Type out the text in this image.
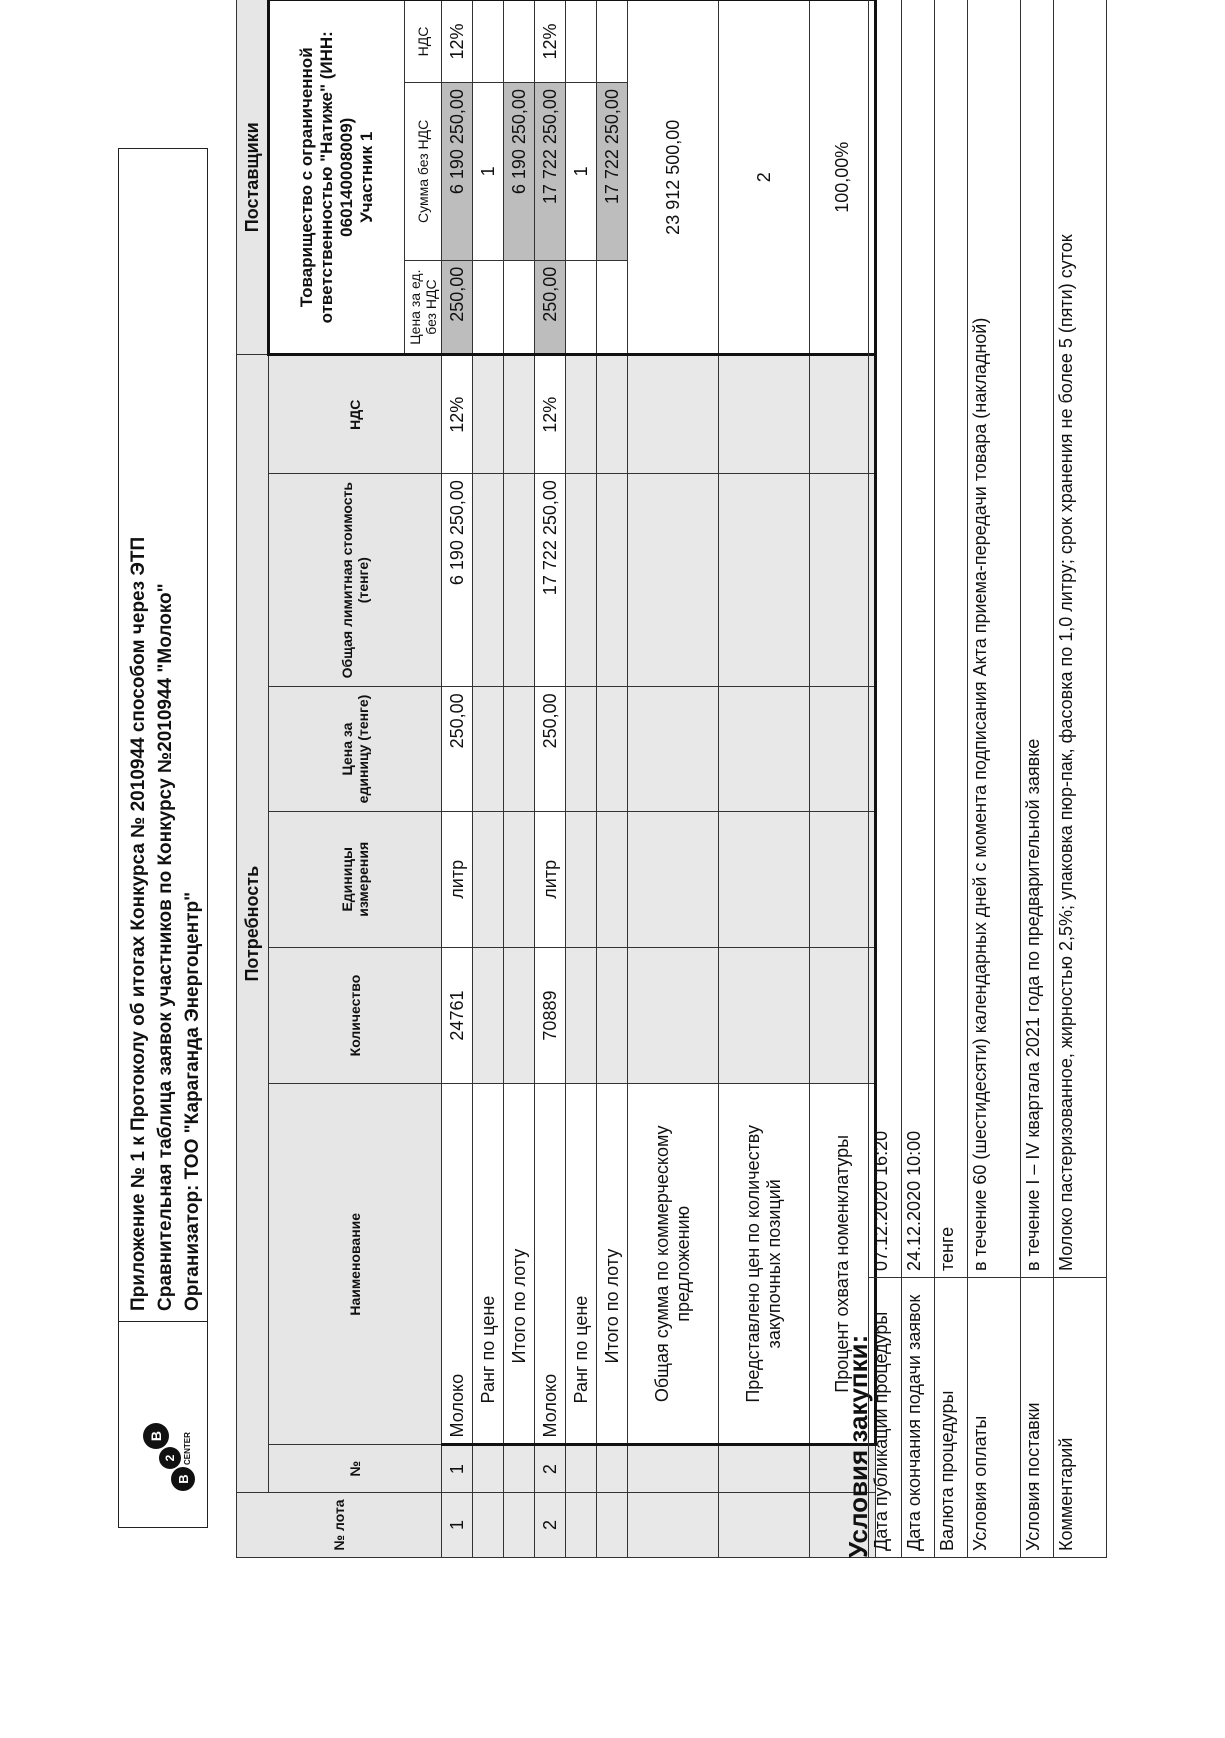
B
2
B	CENTER
Приложение № 1 к Протоколу об итогах Конкурса № 2010944 способом через ЭТП Сравнительная таблица заявок участников по Конкурсу №2010944 "Молоко" Организатор: ТОО "Караганда Энергоцентр"
№ лота	Потребность							Поставщики		
	№	Наименование	Количество	Единицы измерения	Цена за единицу (тенге)	Общая лимитная стоимость (тенге)	НДС	Товарищество с ограниченной ответственностью "Натиже" (ИНН: 060140008009) Участник 1		

								Цена за ед. без НДС	Сумма без НДС	НДС
1	1	Молоко	24761	литр	250,00	6 190 250,00	12%	250,00	6 190 250,00	12%
		Ранг по цене							1	
		Итого по лоту							6 190 250,00	
2	2	Молоко	70889	литр	250,00	17 722 250,00	12%	250,00	17 722 250,00	12%
		Ранг по цене							1	
		Итого по лоту							17 722 250,00	
		Общая сумма по коммерческому предложению						23 912 500,00		
		Представлено цен по количеству закупочных позиций						2		
		Процент охвата номенклатуры						100,00%		
Условия закупки:
Дата публикации процедуры	07.12.2020 16:20
Дата окончания подачи заявок	24.12.2020 10:00
Валюта процедуры	тенге
Условия оплаты	в течение 60 (шестидесяти) календарных дней с момента подписания Акта приема-передачи товара (накладной)
Условия поставки	в течение I – IV квартала 2021 года по предварительной заявке
Комментарий	Молоко пастеризованное, жирностью 2,5%; упаковка пюр-пак, фасовка по 1,0 литру; срок хранения не более 5 (пяти) суток
